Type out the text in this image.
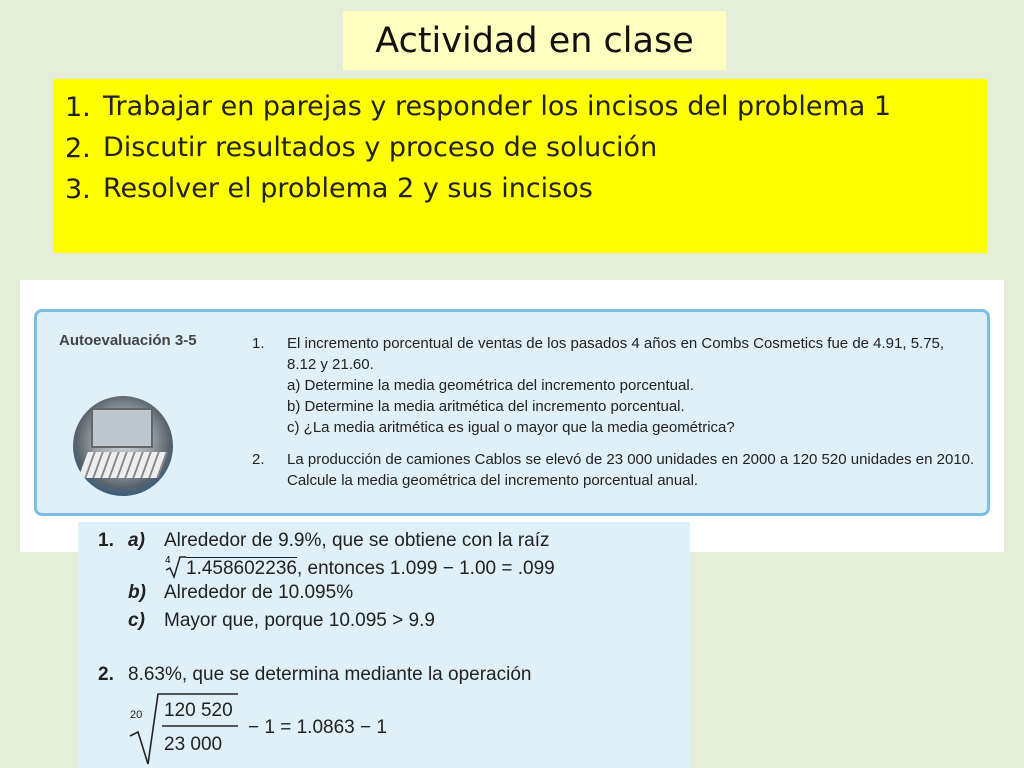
Actividad en clase
1. Trabajar en parejas y responder los incisos del problema 1
2. Discutir resultados y proceso de solución
3. Resolver el problema 2 y sus incisos
Autoevaluación 3-5	1. El incremento porcentual de ventas de los pasados 4 años en Combs Cosmetics fue de 4.91, 5.75, 8.12 y 21.60.
a) Determine la media geométrica del incremento porcentual.
b) Determine la media aritmética del incremento porcentual.
c) ¿La media aritmética es igual o mayor que la media geométrica?
2. La producción de camiones Cablos se elevó de 23 000 unidades en 2000 a 120 520 unidades en 2010. Calcule la media geométrica del incremento porcentual anual.
1. a) Alrededor de 9.9%, que se obtiene con la raíz
4 1.458602236, entonces 1.099 − 1.00 = .099
b) Alrededor de 10.095%
c) Mayor que, porque 10.095 > 9.9
2. 8.63%, que se determina mediante la operación
20 120 520
23 000
− 1 = 1.0863 − 1
